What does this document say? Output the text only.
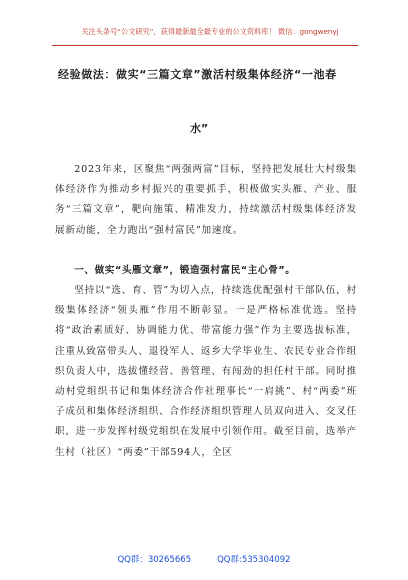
关注头条号“公文研究”，获得最新最全最专业的公文资料库！ 微信：gongwenyj
经验做法：做实“三篇文章”激活村级集体经济“一池春
水”

2023年来，区聚焦“两强两富”目标，坚持把发展壮大村级集体经济作为推动乡村振兴的重要抓手，积极做实头雁、产业、服务“三篇文章”，靶向施策、精准发力，持续激活村级集体经济发展新动能，全力跑出“强村富民”加速度。

一、做实“头雁文章”，锻造强村富民“主心骨”。

坚持以“选、育、管”为切入点，持续选优配强村干部队伍，村级集体经济“领头雁”作用不断彰显。一是严格标准优选。坚持将“政治素质好、协调能力优、带富能力强”作为主要选拔标准，注重从致富带头人、退役军人、返乡大学毕业生、农民专业合作组织负责人中，选拔懂经营、善管理、有闯劲的担任村干部。同时推动村党组织书记和集体经济合作社理事长“一肩挑”、村“两委”班子成员和集体经济组织、合作经济组织管理人员双向进入、交叉任职，进一步发挥村级党组织在发展中引领作用。截至目前，选举产生村（社区）“两委”干部594人，全区

QQ群：30265665	QQ群:535304092
